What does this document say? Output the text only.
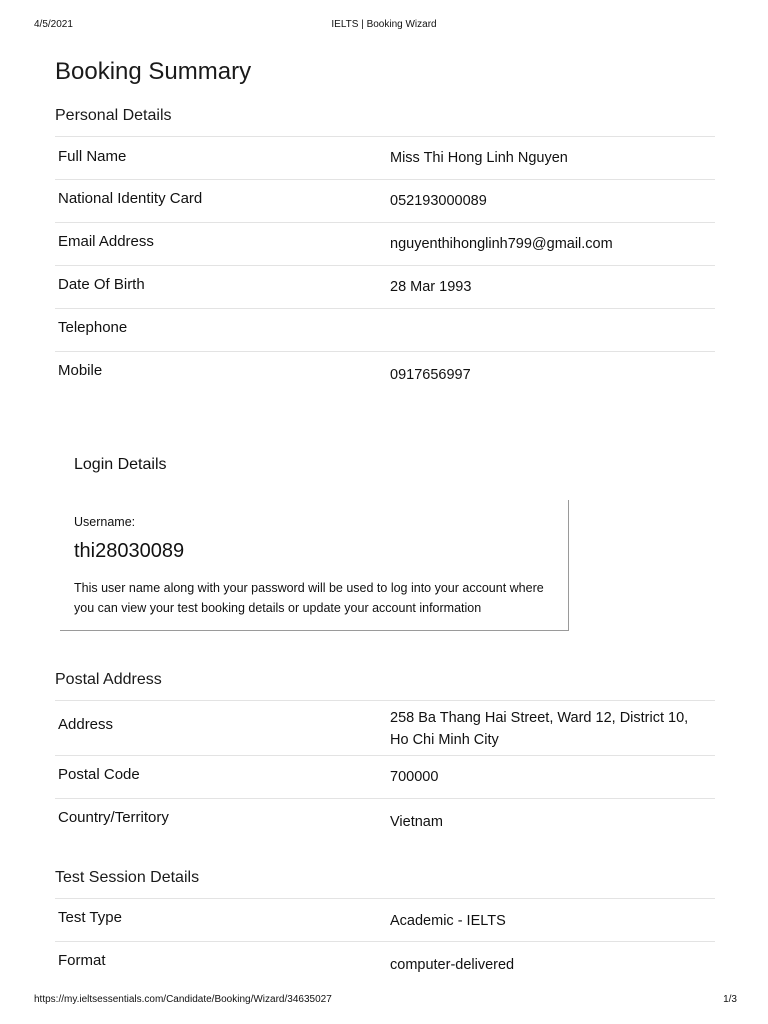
4/5/2021	IELTS | Booking Wizard
Booking Summary
Personal Details
Full Name	Miss Thi Hong Linh Nguyen
National Identity Card	052193000089
Email Address	nguyenthihonglinh799@gmail.com
Date Of Birth	28 Mar 1993
Telephone
Mobile	0917656997
Login Details
Username:
thi28030089
This user name along with your password will be used to log into your account where you can view your test booking details or update your account information
Postal Address
Address	258 Ba Thang Hai Street, Ward 12, District 10, Ho Chi Minh City
Postal Code	700000
Country/Territory	Vietnam
Test Session Details
Test Type	Academic - IELTS
Format	computer-delivered
https://my.ieltsessentials.com/Candidate/Booking/Wizard/34635027	1/3
